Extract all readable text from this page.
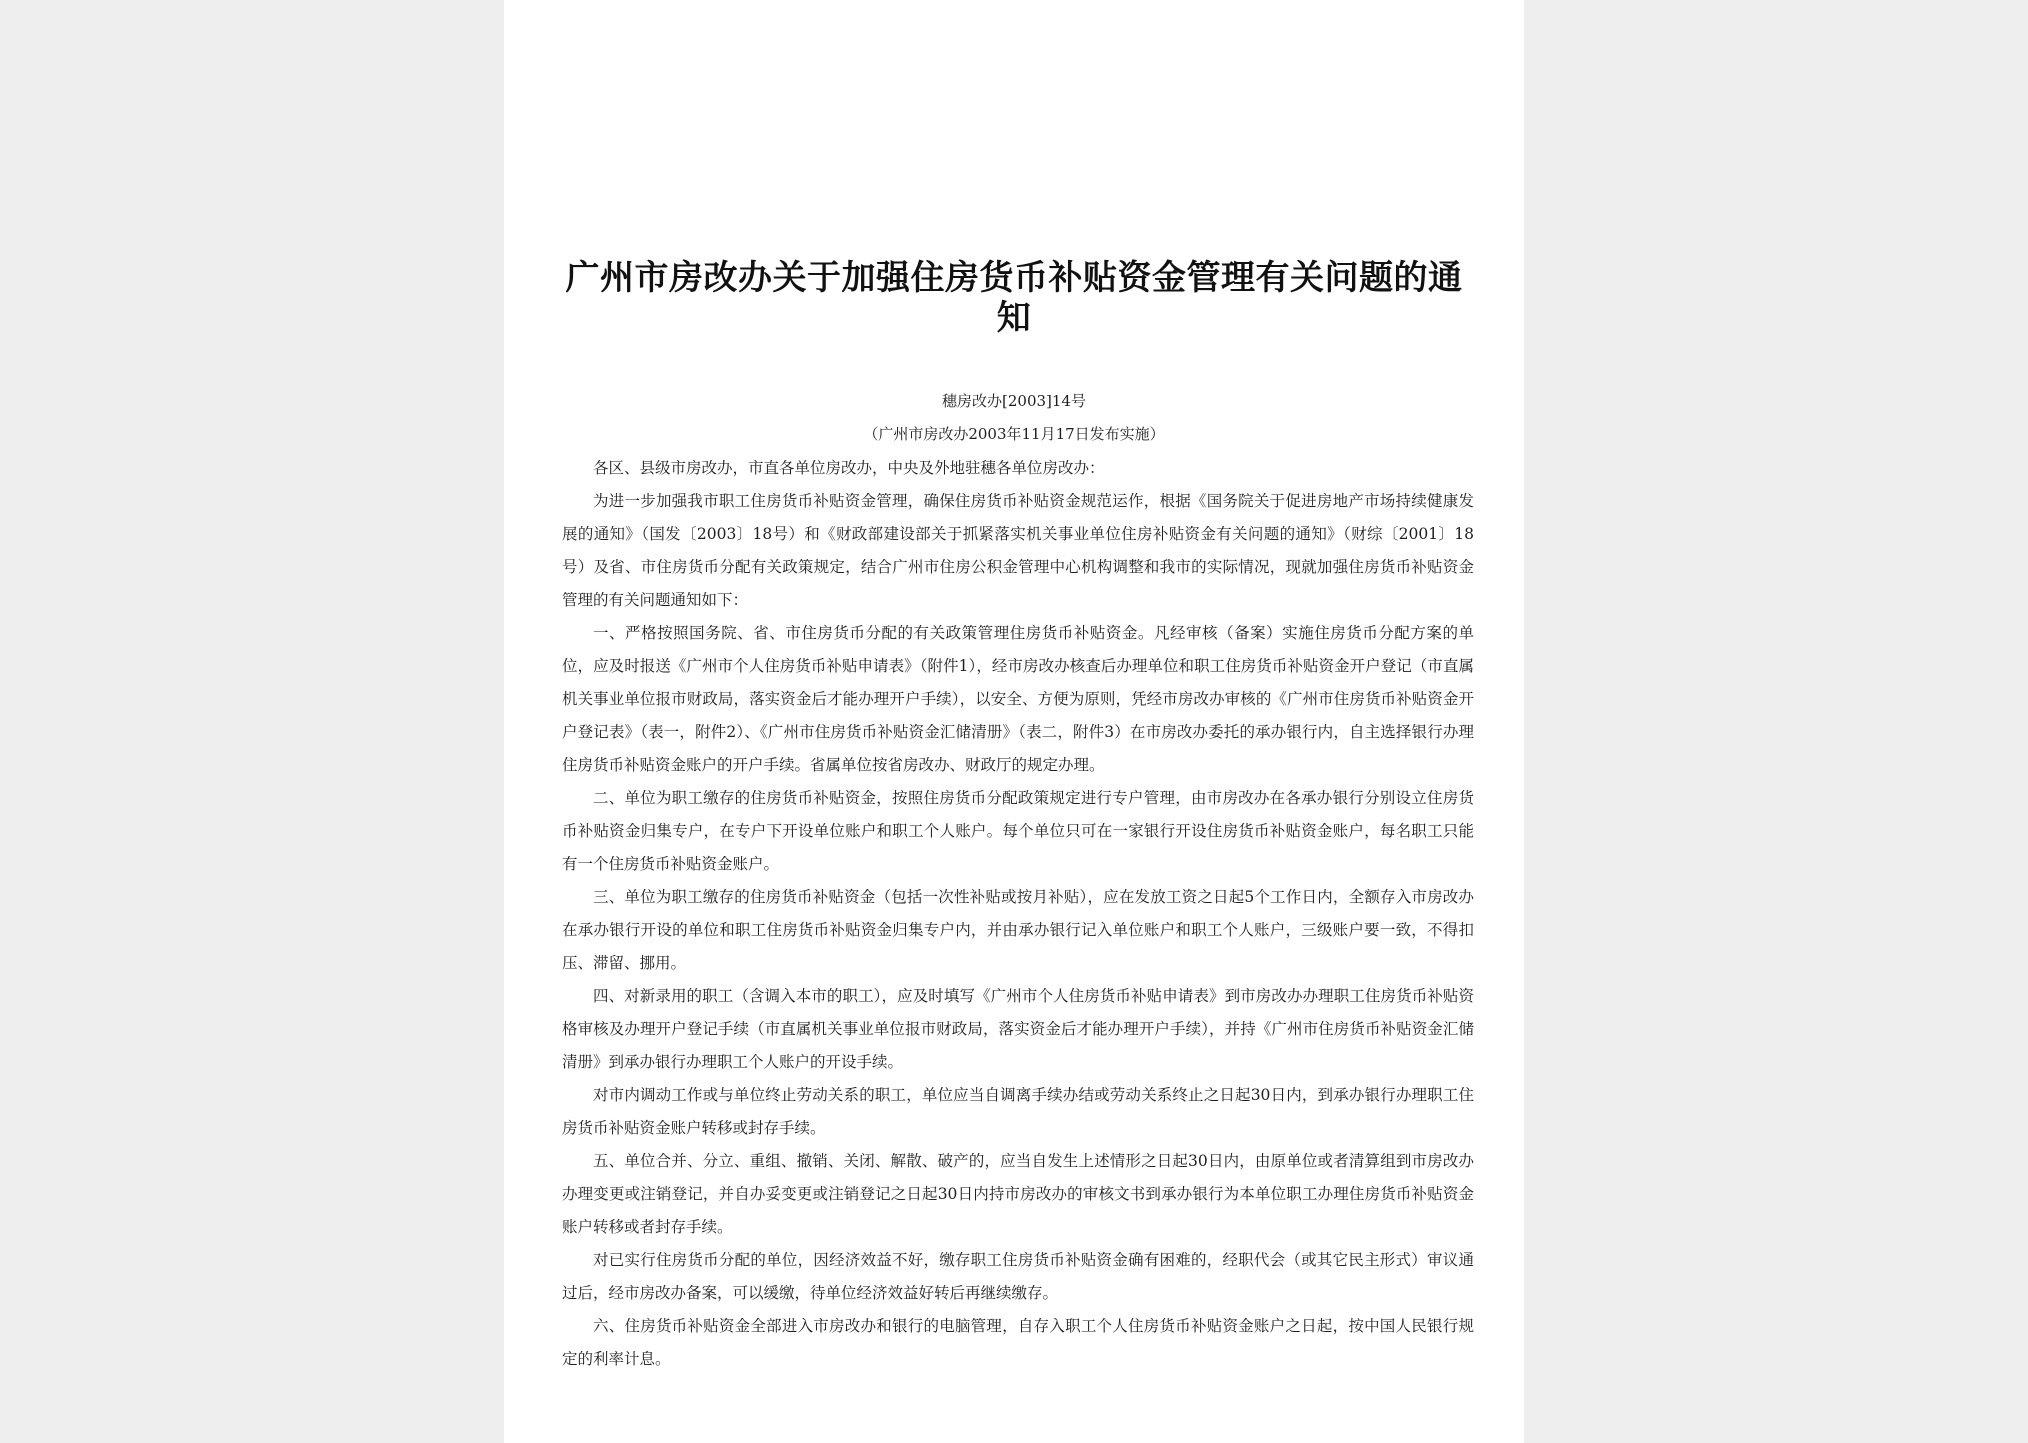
广州市房改办关于加强住房货币补贴资金管理有关问题的通知
穗房改办[2003]14号
（广州市房改办2003年11月17日发布实施）

各区、县级市房改办，市直各单位房改办，中央及外地驻穗各单位房改办：

为进一步加强我市职工住房货币补贴资金管理，确保住房货币补贴资金规范运作，根据《国务院关于促进房地产市场持续健康发展的通知》（国发〔2003〕18号）和《财政部建设部关于抓紧落实机关事业单位住房补贴资金有关问题的通知》（财综〔2001〕18号）及省、市住房货币分配有关政策规定，结合广州市住房公积金管理中心机构调整和我市的实际情况，现就加强住房货币补贴资金管理的有关问题通知如下：

一、严格按照国务院、省、市住房货币分配的有关政策管理住房货币补贴资金。凡经审核（备案）实施住房货币分配方案的单位，应及时报送《广州市个人住房货币补贴申请表》（附件1），经市房改办核查后办理单位和职工住房货币补贴资金开户登记（市直属机关事业单位报市财政局，落实资金后才能办理开户手续），以安全、方便为原则，凭经市房改办审核的《广州市住房货币补贴资金开户登记表》（表一，附件2）、《广州市住房货币补贴资金汇储清册》（表二，附件3）在市房改办委托的承办银行内，自主选择银行办理住房货币补贴资金账户的开户手续。省属单位按省房改办、财政厅的规定办理。

二、单位为职工缴存的住房货币补贴资金，按照住房货币分配政策规定进行专户管理，由市房改办在各承办银行分别设立住房货币补贴资金归集专户，在专户下开设单位账户和职工个人账户。每个单位只可在一家银行开设住房货币补贴资金账户，每名职工只能有一个住房货币补贴资金账户。

三、单位为职工缴存的住房货币补贴资金（包括一次性补贴或按月补贴），应在发放工资之日起5个工作日内，全额存入市房改办在承办银行开设的单位和职工住房货币补贴资金归集专户内，并由承办银行记入单位账户和职工个人账户，三级账户要一致，不得扣压、滞留、挪用。

四、对新录用的职工（含调入本市的职工），应及时填写《广州市个人住房货币补贴申请表》到市房改办办理职工住房货币补贴资格审核及办理开户登记手续（市直属机关事业单位报市财政局，落实资金后才能办理开户手续），并持《广州市住房货币补贴资金汇储清册》到承办银行办理职工个人账户的开设手续。

对市内调动工作或与单位终止劳动关系的职工，单位应当自调离手续办结或劳动关系终止之日起30日内，到承办银行办理职工住房货币补贴资金账户转移或封存手续。

五、单位合并、分立、重组、撤销、关闭、解散、破产的，应当自发生上述情形之日起30日内，由原单位或者清算组到市房改办办理变更或注销登记，并自办妥变更或注销登记之日起30日内持市房改办的审核文书到承办银行为本单位职工办理住房货币补贴资金账户转移或者封存手续。

对已实行住房货币分配的单位，因经济效益不好，缴存职工住房货币补贴资金确有困难的，经职代会（或其它民主形式）审议通过后，经市房改办备案，可以缓缴，待单位经济效益好转后再继续缴存。

六、住房货币补贴资金全部进入市房改办和银行的电脑管理，自存入职工个人住房货币补贴资金账户之日起，按中国人民银行规定的利率计息。
